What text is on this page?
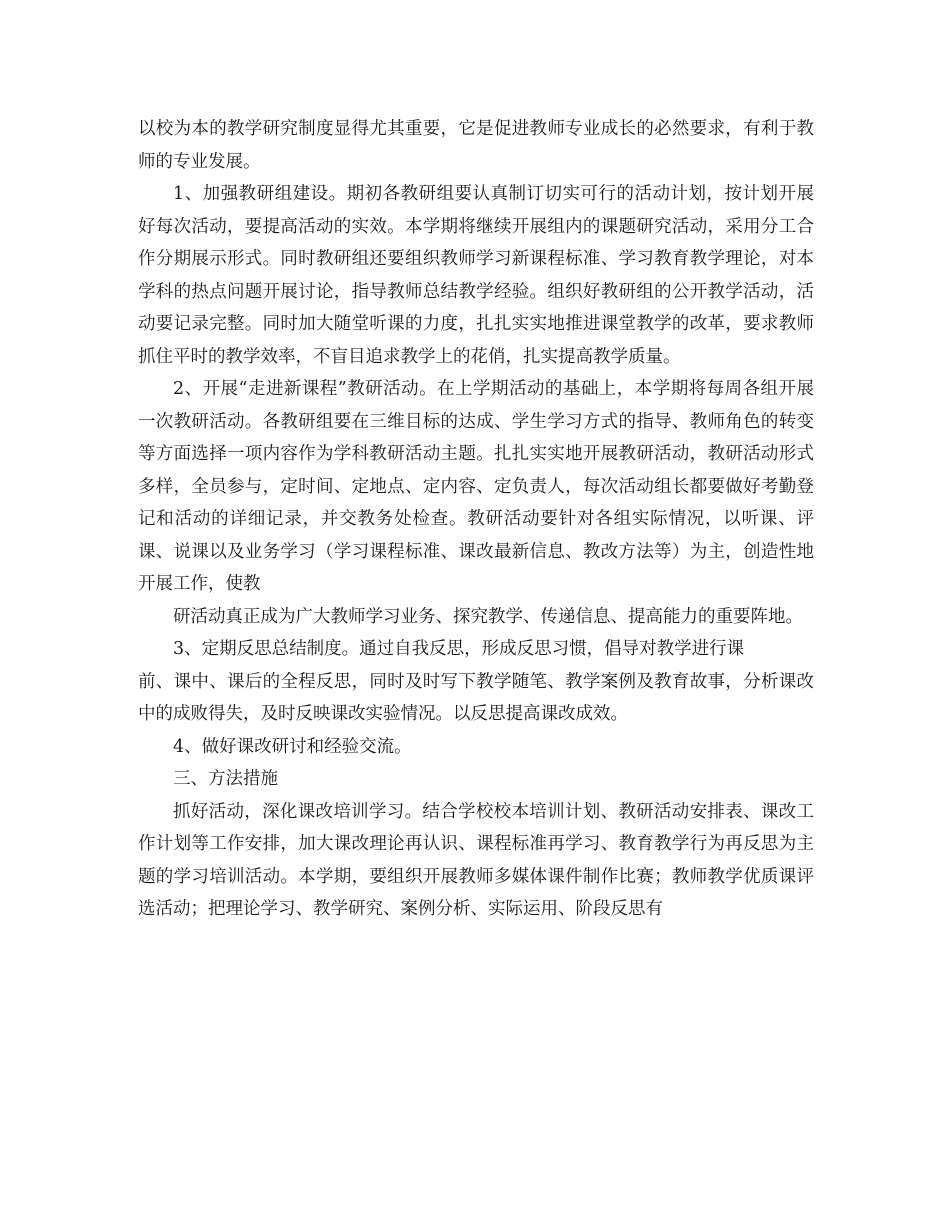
以校为本的教学研究制度显得尤其重要，它是促进教师专业成长的必然要求，有利于教师的专业发展。

1、加强教研组建设。期初各教研组要认真制订切实可行的活动计划，按计划开展好每次活动，要提高活动的实效。本学期将继续开展组内的课题研究活动，采用分工合作分期展示形式。同时教研组还要组织教师学习新课程标准、学习教育教学理论，对本学科的热点问题开展讨论，指导教师总结教学经验。组织好教研组的公开教学活动，活动要记录完整。同时加大随堂听课的力度，扎扎实实地推进课堂教学的改革，要求教师抓住平时的教学效率，不盲目追求教学上的花俏，扎实提高教学质量。

2、开展“走进新课程”教研活动。在上学期活动的基础上，本学期将每周各组开展一次教研活动。各教研组要在三维目标的达成、学生学习方式的指导、教师角色的转变等方面选择一项内容作为学科教研活动主题。扎扎实实地开展教研活动，教研活动形式多样，全员参与，定时间、定地点、定内容、定负责人，每次活动组长都要做好考勤登记和活动的详细记录，并交教务处检查。教研活动要针对各组实际情况，以听课、评课、说课以及业务学习（学习课程标准、课改最新信息、教改方法等）为主，创造性地开展工作，使教

研活动真正成为广大教师学习业务、探究教学、传递信息、提高能力的重要阵地。

3、定期反思总结制度。通过自我反思，形成反思习惯，倡导对教学进行课

前、课中、课后的全程反思，同时及时写下教学随笔、教学案例及教育故事，分析课改中的成败得失，及时反映课改实验情况。以反思提高课改成效。

4、做好课改研讨和经验交流。

三、方法措施

抓好活动，深化课改培训学习。结合学校校本培训计划、教研活动安排表、课改工作计划等工作安排，加大课改理论再认识、课程标准再学习、教育教学行为再反思为主题的学习培训活动。本学期，要组织开展教师多媒体课件制作比赛；教师教学优质课评选活动；把理论学习、教学研究、案例分析、实际运用、阶段反思有
